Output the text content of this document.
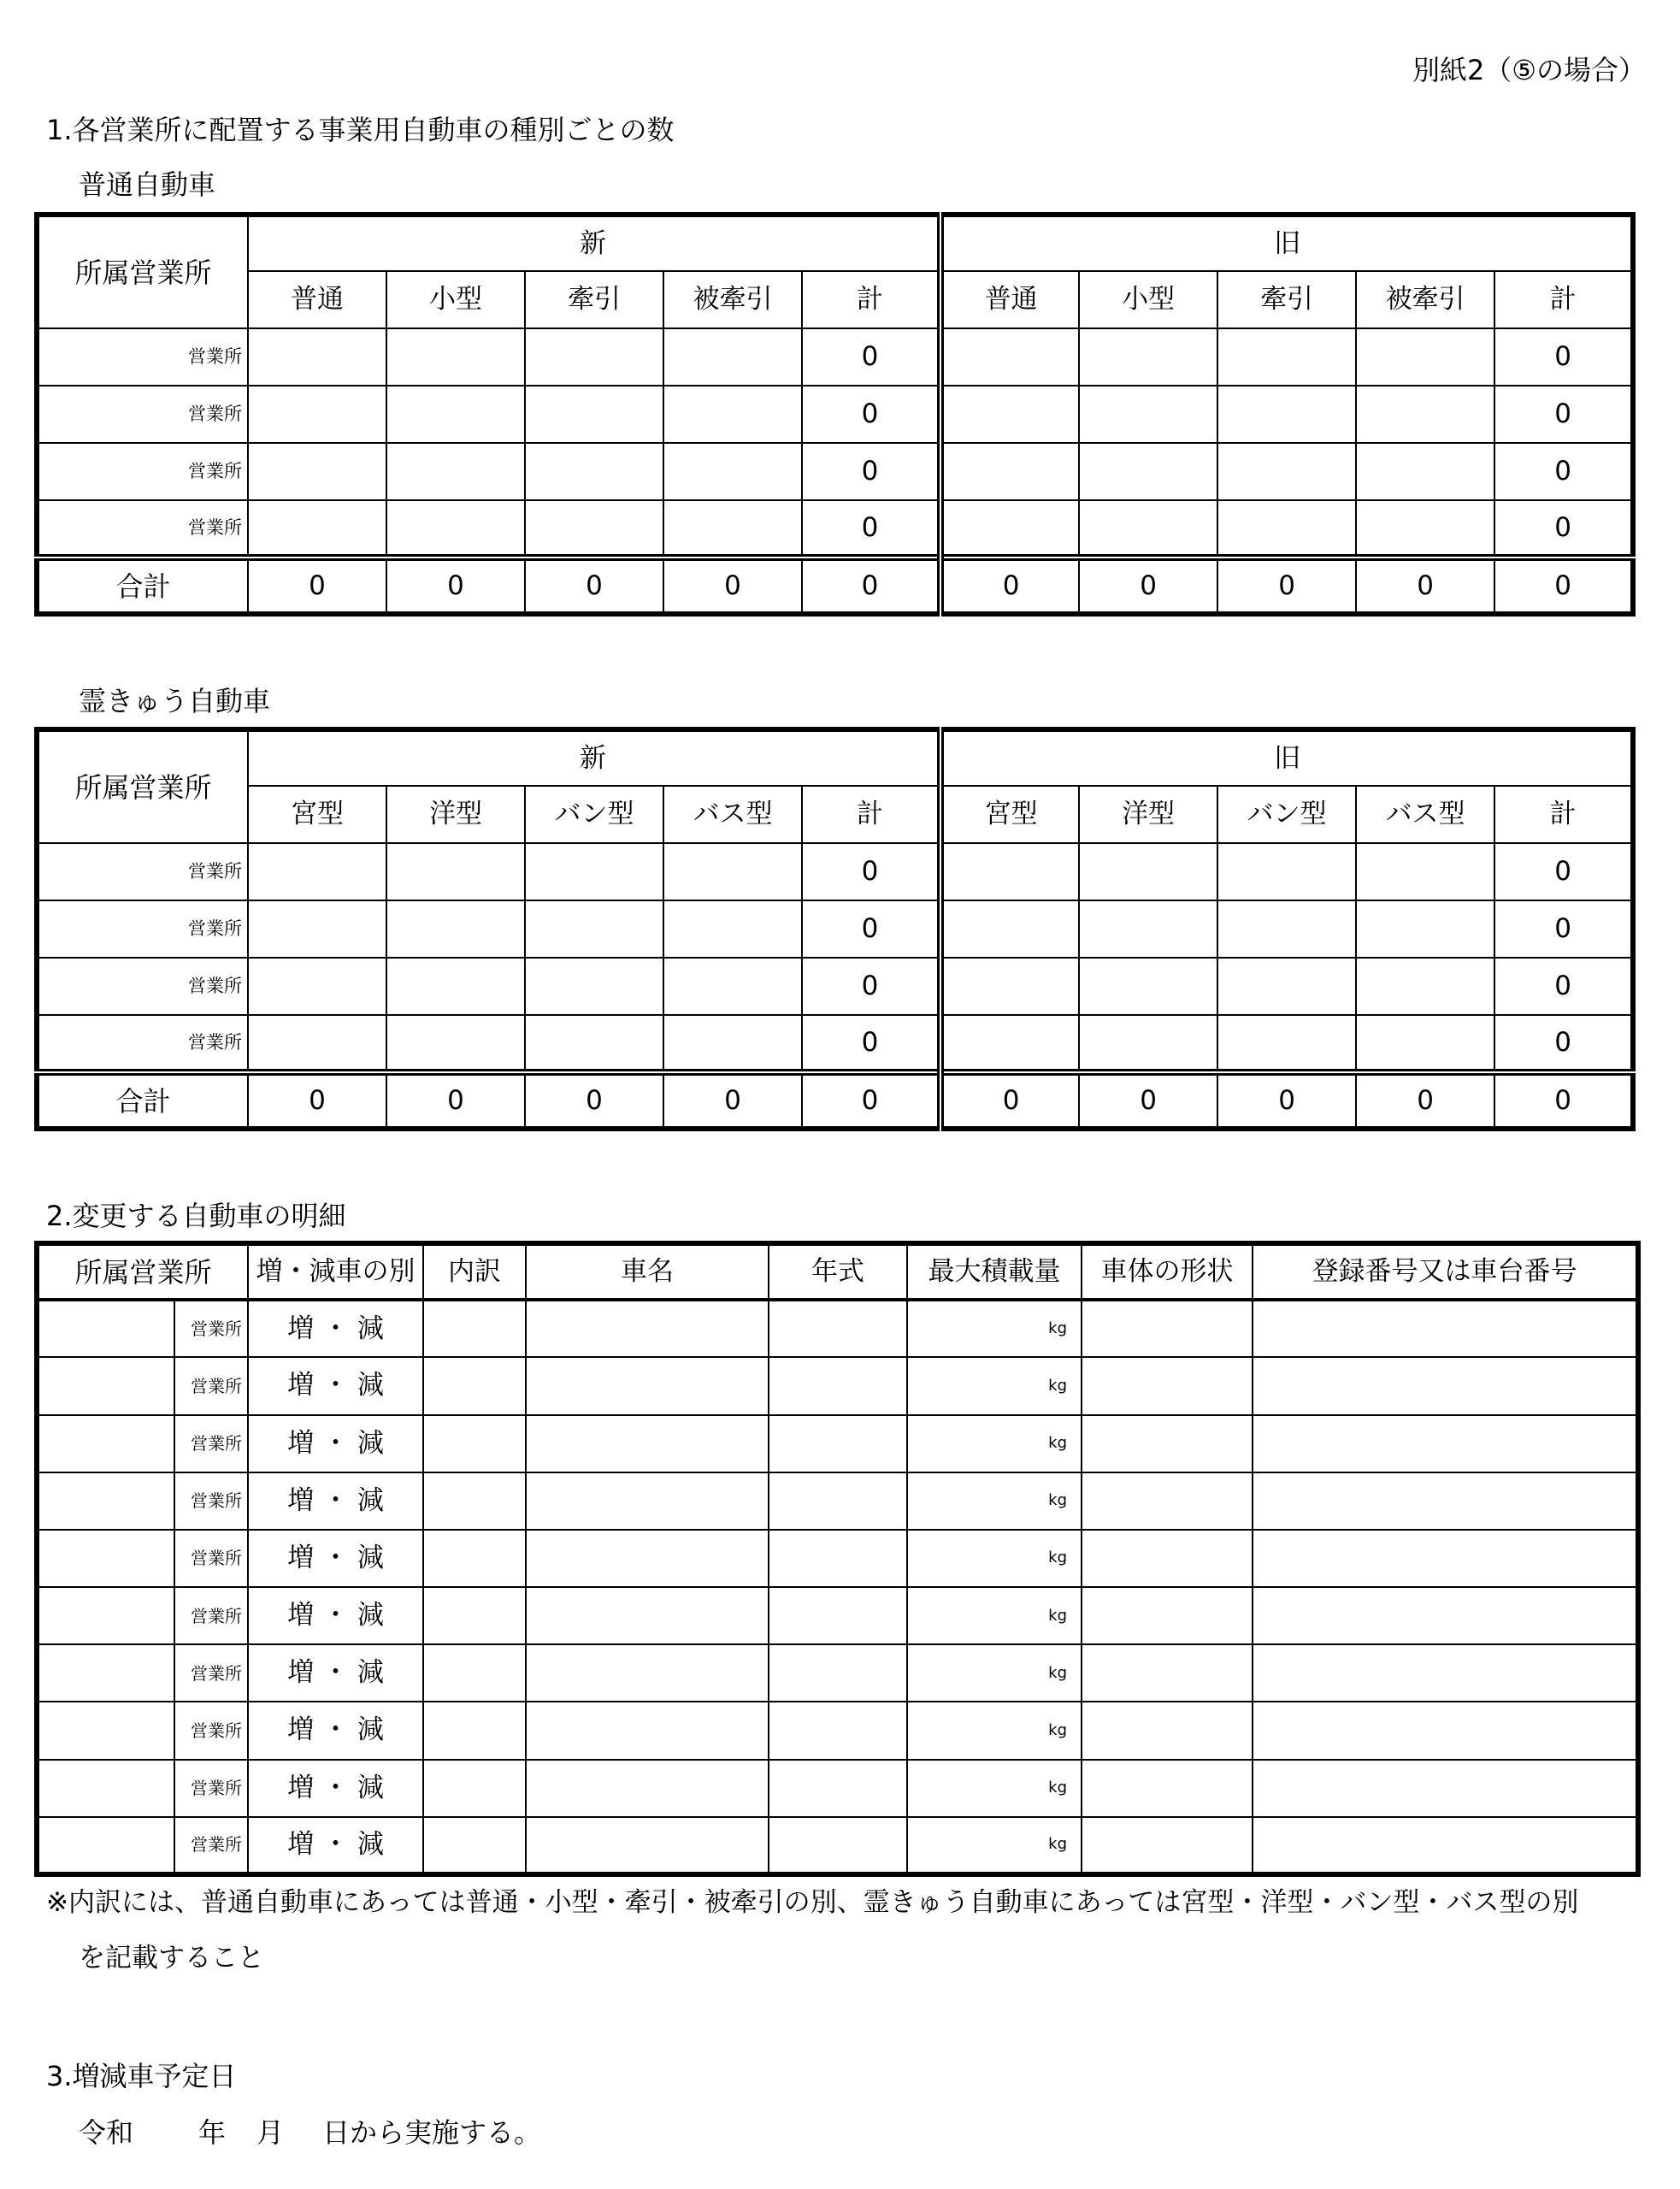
別紙2（⑤の場合）
1.各営業所に配置する事業用自動車の種別ごとの数
普通自動車
所属営業所	新					旧				
	普通	小型	牽引	被牽引	計	普通	小型	牽引	被牽引	計
営業所					0					0
営業所					0					0
営業所					0					0
営業所					0					0
合計	0	0	0	0	0	0	0	0	0	0
霊きゅう自動車
所属営業所	新					旧				
	宮型	洋型	バン型	バス型	計	宮型	洋型	バン型	バス型	計
営業所					0					0
営業所					0					0
営業所					0					0
営業所					0					0
合計	0	0	0	0	0	0	0	0	0	0
2.変更する自動車の明細
所属営業所		増・減車の別	内訳	車名	年式	最大積載量	車体の形状	登録番号又は車台番号
	営業所	増 ・ 減				kg		
	営業所	増 ・ 減				kg		
	営業所	増 ・ 減				kg		
	営業所	増 ・ 減				kg		
	営業所	増 ・ 減				kg		
	営業所	増 ・ 減				kg		
	営業所	増 ・ 減				kg		
	営業所	増 ・ 減				kg		
	営業所	増 ・ 減				kg		
	営業所	増 ・ 減				kg		
※内訳には、普通自動車にあっては普通・小型・牽引・被牽引の別、霊きゅう自動車にあっては宮型・洋型・バン型・バス型の別
を記載すること
3.増減車予定日
令和 年 月 日から実施する。
